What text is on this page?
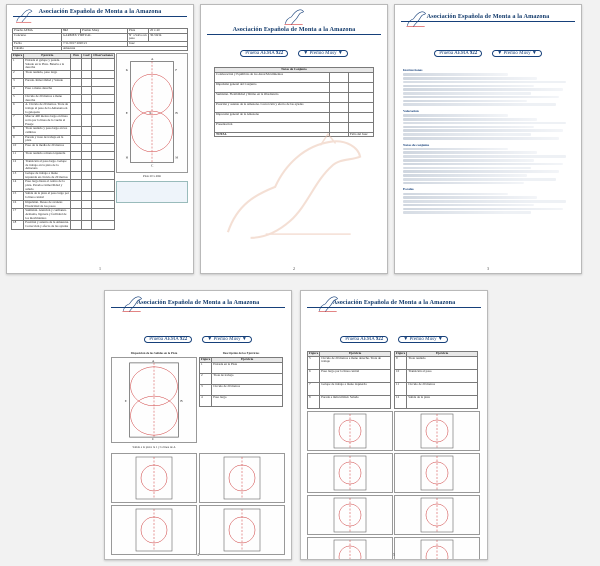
Asociación Española de Monta a la Amazona
Prueba AEMA	922	Premio Musy	Pista	20 x 40
Concurso	GARMEX VIRTUAL		Nº a Salvo un paso	30-50cm
Fecha	7/11/2017 2020:21		Juez	
Caballo	Amazona			
Figura	Ejercicio	Pun	Coef	Observaciones
1	Entrada al galope y parada. Saludo en la Pista. Bateria a la derecha			
2	Trote reunido, paso largo			
3	Parada. Inmovilidad y Saludo			
4	Paso a mano derecha			
5	Circulo de 20 metros a mano derecha			
6	A. Circulo de 20 metros. Trote de trabajo al paso de la Amazona en la galopada			
7	Marcar 400 metros largo en línea recta por la línea de la vuelta al Pasaje			
8	Trote reunido y paso largo en los cambios			
9	Parada y trote de trabajo en la pista			
10	Paso de la media de 20 metros			
11	Trote reunido a mano izquierda			
12	Transición al paso largo. Galope de trabajo en la pista de la Amazona			
13	Galope de trabajo a mano izquierda en círculo de 20 metros			
14	Paso largo hasta el centro de la pista. Parada e inmovilidad y saludo			
15	Salida de la pista al paso largo por la línea central			
16	Impulsión. Deseo de avanzar. Elasticidad de los pasos			
17	Sumisión. Atención y confianza. Armonía, ligereza y facilidad de los movimientos			
18	Posición y asiento de la Amazona. Corrección y efecto de las ayudas			
A
C
E	B
K	F
H	M
X
Pista 20 x 40m
1
Asociación Española de Monta a la Amazona
Prueba AEMA 922	▼ Premio Musy ▼
Notas de Conjunto		
Colaboración y Equilibrio de los Aires/Movimientos		
Impulsión general del Conjunto		
Sumisión. Flexibilidad y Ritmo en la Obediencia		
Posición y asiento de la Amazona. Corrección y efecto de las ayudas		
Impresión general de la Amazona		
Presentación		
TOTAL		Falta del Juez
2
Asociación Española de Monta a la Amazona
Prueba AEMA 922	▼ Premio Musy ▼
Instrucciones
Valoración
Notas de conjunto
Escalas
3
Asociación Española de Monta a la Amazona
Prueba AEMA 922	▼ Premio Musy ▼
Disposición de las Salidas en la Pista
A
C
E	B
Salida a la pista: la 1 y la línea de A
Descripción de los Ejercicios
Figura	Ejercicio
1	Entrada en la Pista
2	Trote de trabajo
3	Circulo de 20 metros
4	Paso largo
4
Asociación Española de Monta a la Amazona
Prueba AEMA 922	▼ Premio Musy ▼
Figura	Ejercicio
5	Circulo de 20 metros a mano derecha. Trote de trabajo
6	Paso largo por la línea central
7	Galope de trabajo a mano izquierda
8	Parada e inmovilidad. Saludo
Figura	Ejercicio
9	Trote reunido
10	Transición al paso
11	Circulo de 20 metros
12	Salida de la pista
5
